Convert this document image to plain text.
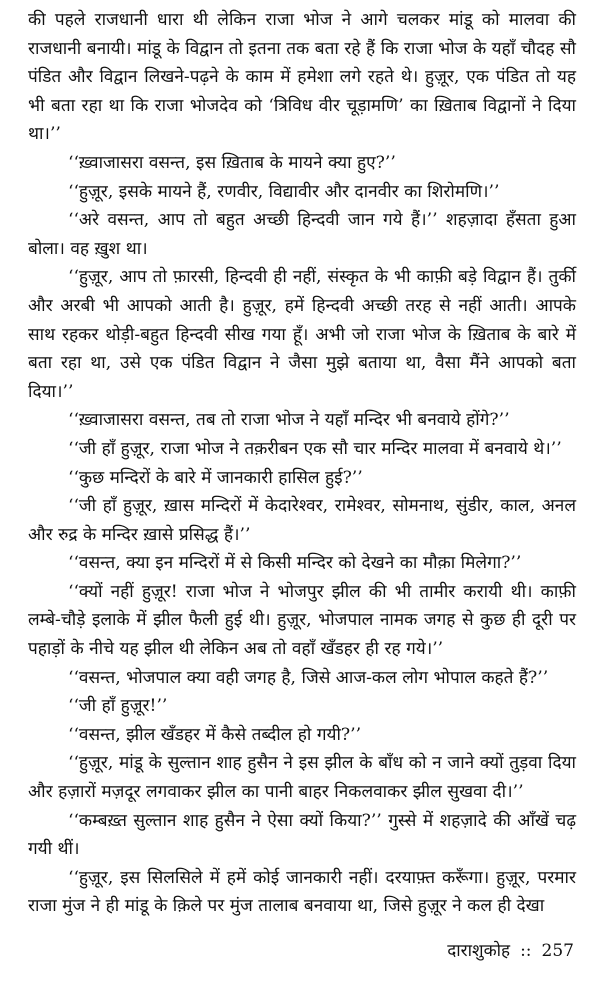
की पहले राजधानी धारा थी लेकिन राजा भोज ने आगे चलकर मांडू को मालवा की राजधानी बनायी। मांडू के विद्वान तो इतना तक बता रहे हैं कि राजा भोज के यहाँ चौदह सौ पंडित और विद्वान लिखने-पढ़ने के काम में हमेशा लगे रहते थे। हुज़ूर, एक पंडित तो यह भी बता रहा था कि राजा भोजदेव को ‘त्रिविध वीर चूड़ामणि’ का ख़िताब विद्वानों ने दिया था।’’

‘‘ख़्वाजासरा वसन्त, इस ख़िताब के मायने क्या हुए?’’

‘‘हुज़ूर, इसके मायने हैं, रणवीर, विद्यावीर और दानवीर का शिरोमणि।’’

‘‘अरे वसन्त, आप तो बहुत अच्छी हिन्दवी जान गये हैं।’’ शहज़ादा हँसता हुआ बोला। वह ख़ुश था।

‘‘हुज़ूर, आप तो फ़ारसी, हिन्दवी ही नहीं, संस्कृत के भी काफ़ी बड़े विद्वान हैं। तुर्की और अरबी भी आपको आती है। हुज़ूर, हमें हिन्दवी अच्छी तरह से नहीं आती। आपके साथ रहकर थोड़ी-बहुत हिन्दवी सीख गया हूँ। अभी जो राजा भोज के ख़िताब के बारे में बता रहा था, उसे एक पंडित विद्वान ने जैसा मुझे बताया था, वैसा मैंने आपको बता दिया।’’

‘‘ख़्वाजासरा वसन्त, तब तो राजा भोज ने यहाँ मन्दिर भी बनवाये होंगे?’’

‘‘जी हाँ हुज़ूर, राजा भोज ने तक़रीबन एक सौ चार मन्दिर मालवा में बनवाये थे।’’

‘‘कुछ मन्दिरों के बारे में जानकारी हासिल हुई?’’

‘‘जी हाँ हुज़ूर, ख़ास मन्दिरों में केदारेश्वर, रामेश्वर, सोमनाथ, सुंडीर, काल, अनल और रुद्र के मन्दिर ख़ासे प्रसिद्ध हैं।’’

‘‘वसन्त, क्या इन मन्दिरों में से किसी मन्दिर को देखने का मौक़ा मिलेगा?’’

‘‘क्यों नहीं हुज़ूर! राजा भोज ने भोजपुर झील की भी तामीर करायी थी। काफ़ी लम्बे-चौड़े इलाके में झील फैली हुई थी। हुज़ूर, भोजपाल नामक जगह से कुछ ही दूरी पर पहाड़ों के नीचे यह झील थी लेकिन अब तो वहाँ खँडहर ही रह गये।’’

‘‘वसन्त, भोजपाल क्या वही जगह है, जिसे आज-कल लोग भोपाल कहते हैं?’’

‘‘जी हाँ हुज़ूर!’’

‘‘वसन्त, झील खँडहर में कैसे तब्दील हो गयी?’’

‘‘हुज़ूर, मांडू के सुल्तान शाह हुसैन ने इस झील के बाँध को न जाने क्यों तुड़वा दिया और हज़ारों मज़दूर लगवाकर झील का पानी बाहर निकलवाकर झील सुखवा दी।’’

‘‘कम्बख़्त सुल्तान शाह हुसैन ने ऐसा क्यों किया?’’ गुस्से में शहज़ादे की आँखें चढ़ गयी थीं।

‘‘हुज़ूर, इस सिलसिले में हमें कोई जानकारी नहीं। दरयाफ़्त करूँगा। हुज़ूर, परमार राजा मुंज ने ही मांडू के क़िले पर मुंज तालाब बनवाया था, जिसे हुज़ूर ने कल ही देखा

दाराशुकोह :: 257
